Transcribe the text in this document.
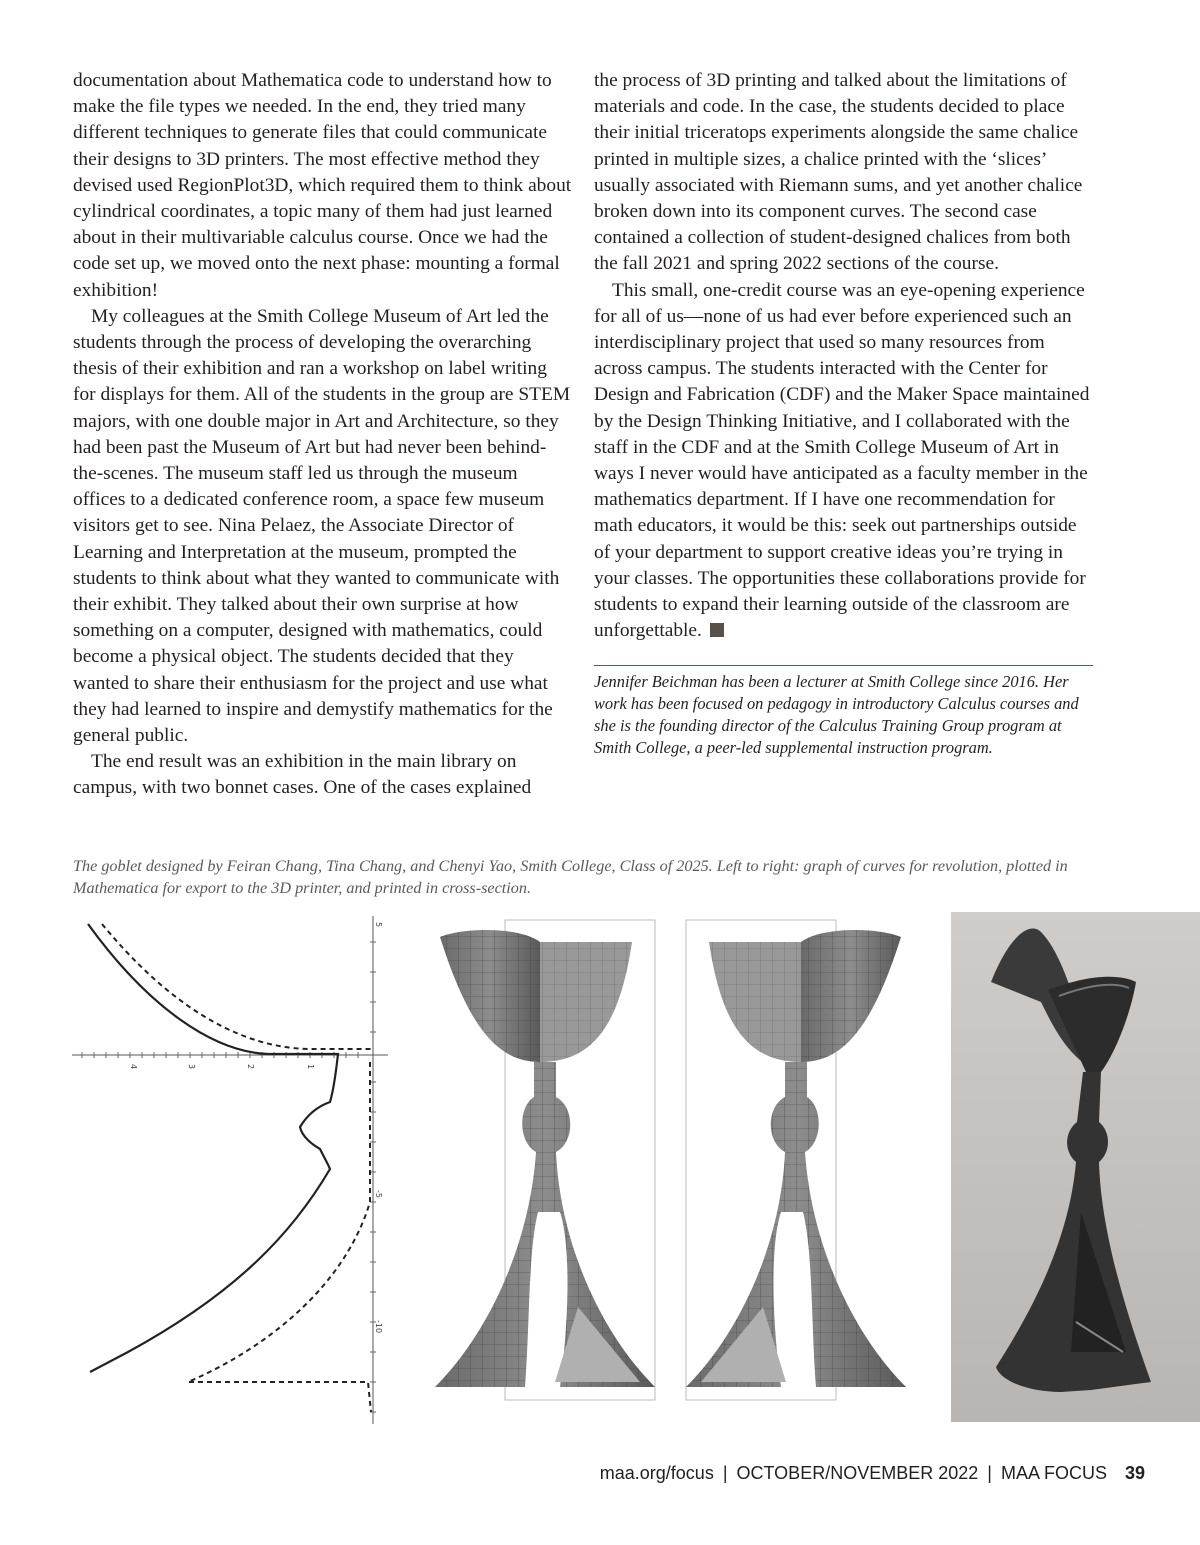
documentation about Mathematica code to understand how to make the file types we needed. In the end, they tried many different techniques to generate files that could communicate their designs to 3D printers. The most effective method they devised used RegionPlot3D, which required them to think about cylindrical coordinates, a topic many of them had just learned about in their multivariable calculus course. Once we had the code set up, we moved onto the next phase: mounting a formal exhibition!

My colleagues at the Smith College Museum of Art led the students through the process of developing the overarching thesis of their exhibition and ran a workshop on label writing for displays for them. All of the students in the group are STEM majors, with one double major in Art and Architecture, so they had been past the Museum of Art but had never been behind-the-scenes. The museum staff led us through the museum offices to a dedicated conference room, a space few museum visitors get to see. Nina Pelaez, the Associate Director of Learning and Interpretation at the museum, prompted the students to think about what they wanted to communicate with their exhibit. They talked about their own surprise at how something on a computer, designed with mathematics, could become a physical object. The students decided that they wanted to share their enthusiasm for the project and use what they had learned to inspire and demystify mathematics for the general public.

The end result was an exhibition in the main library on campus, with two bonnet cases. One of the cases explained

the process of 3D printing and talked about the limitations of materials and code. In the case, the students decided to place their initial triceratops experiments alongside the same chalice printed in multiple sizes, a chalice printed with the ‘slices’ usually associated with Riemann sums, and yet another chalice broken down into its component curves. The second case contained a collection of student-designed chalices from both the fall 2021 and spring 2022 sections of the course.

This small, one-credit course was an eye-opening experience for all of us—none of us had ever before experienced such an interdisciplinary project that used so many resources from across campus. The students interacted with the Center for Design and Fabrication (CDF) and the Maker Space maintained by the Design Thinking Initiative, and I collaborated with the staff in the CDF and at the Smith College Museum of Art in ways I never would have anticipated as a faculty member in the mathematics department. If I have one recommendation for math educators, it would be this: seek out partnerships outside of your department to support creative ideas you’re trying in your classes. The opportunities these collaborations provide for students to expand their learning outside of the classroom are unforgettable.

Jennifer Beichman has been a lecturer at Smith College since 2016. Her work has been focused on pedagogy in introductory Calculus courses and she is the founding director of the Calculus Training Group program at Smith College, a peer-led supplemental instruction program.
The goblet designed by Feiran Chang, Tina Chang, and Chenyi Yao, Smith College, Class of 2025. Left to right: graph of curves for revolution, plotted in Mathematica for export to the 3D printer, and printed in cross-section.
4	3	2	1
5
-5
-10
maa.org/focus | OCTOBER/NOVEMBER 2022 | MAA FOCUS 39
